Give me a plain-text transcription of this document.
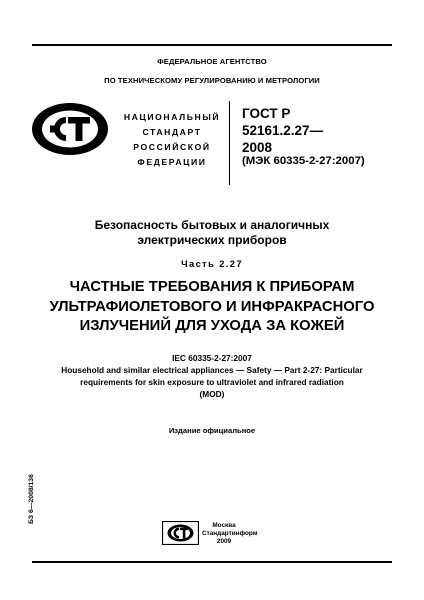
ФЕДЕРАЛЬНОЕ АГЕНТСТВО
ПО ТЕХНИЧЕСКОМУ РЕГУЛИРОВАНИЮ И МЕТРОЛОГИИ
НАЦИОНАЛЬНЫЙ
СТАНДАРТ
РОССИЙСКОЙ
ФЕДЕРАЦИИ
ГОСТ Р
52161.2.27—
2008
(МЭК 60335-2-27:2007)
Безопасность бытовых и аналогичных
электрических приборов
Часть 2.27
ЧАСТНЫЕ ТРЕБОВАНИЯ К ПРИБОРАМ
УЛЬТРАФИОЛЕТОВОГО И ИНФРАКРАСНОГО
ИЗЛУЧЕНИЙ ДЛЯ УХОДА ЗА КОЖЕЙ
IEC 60335-2-27:2007
Household and similar electrical appliances — Safety — Part 2-27: Particular
requirements for skin exposure to ultraviolet and infrared radiation
(MOD)
Издание официальное
БЗ 6—2008/136
Москва
Стандартинформ
2009
